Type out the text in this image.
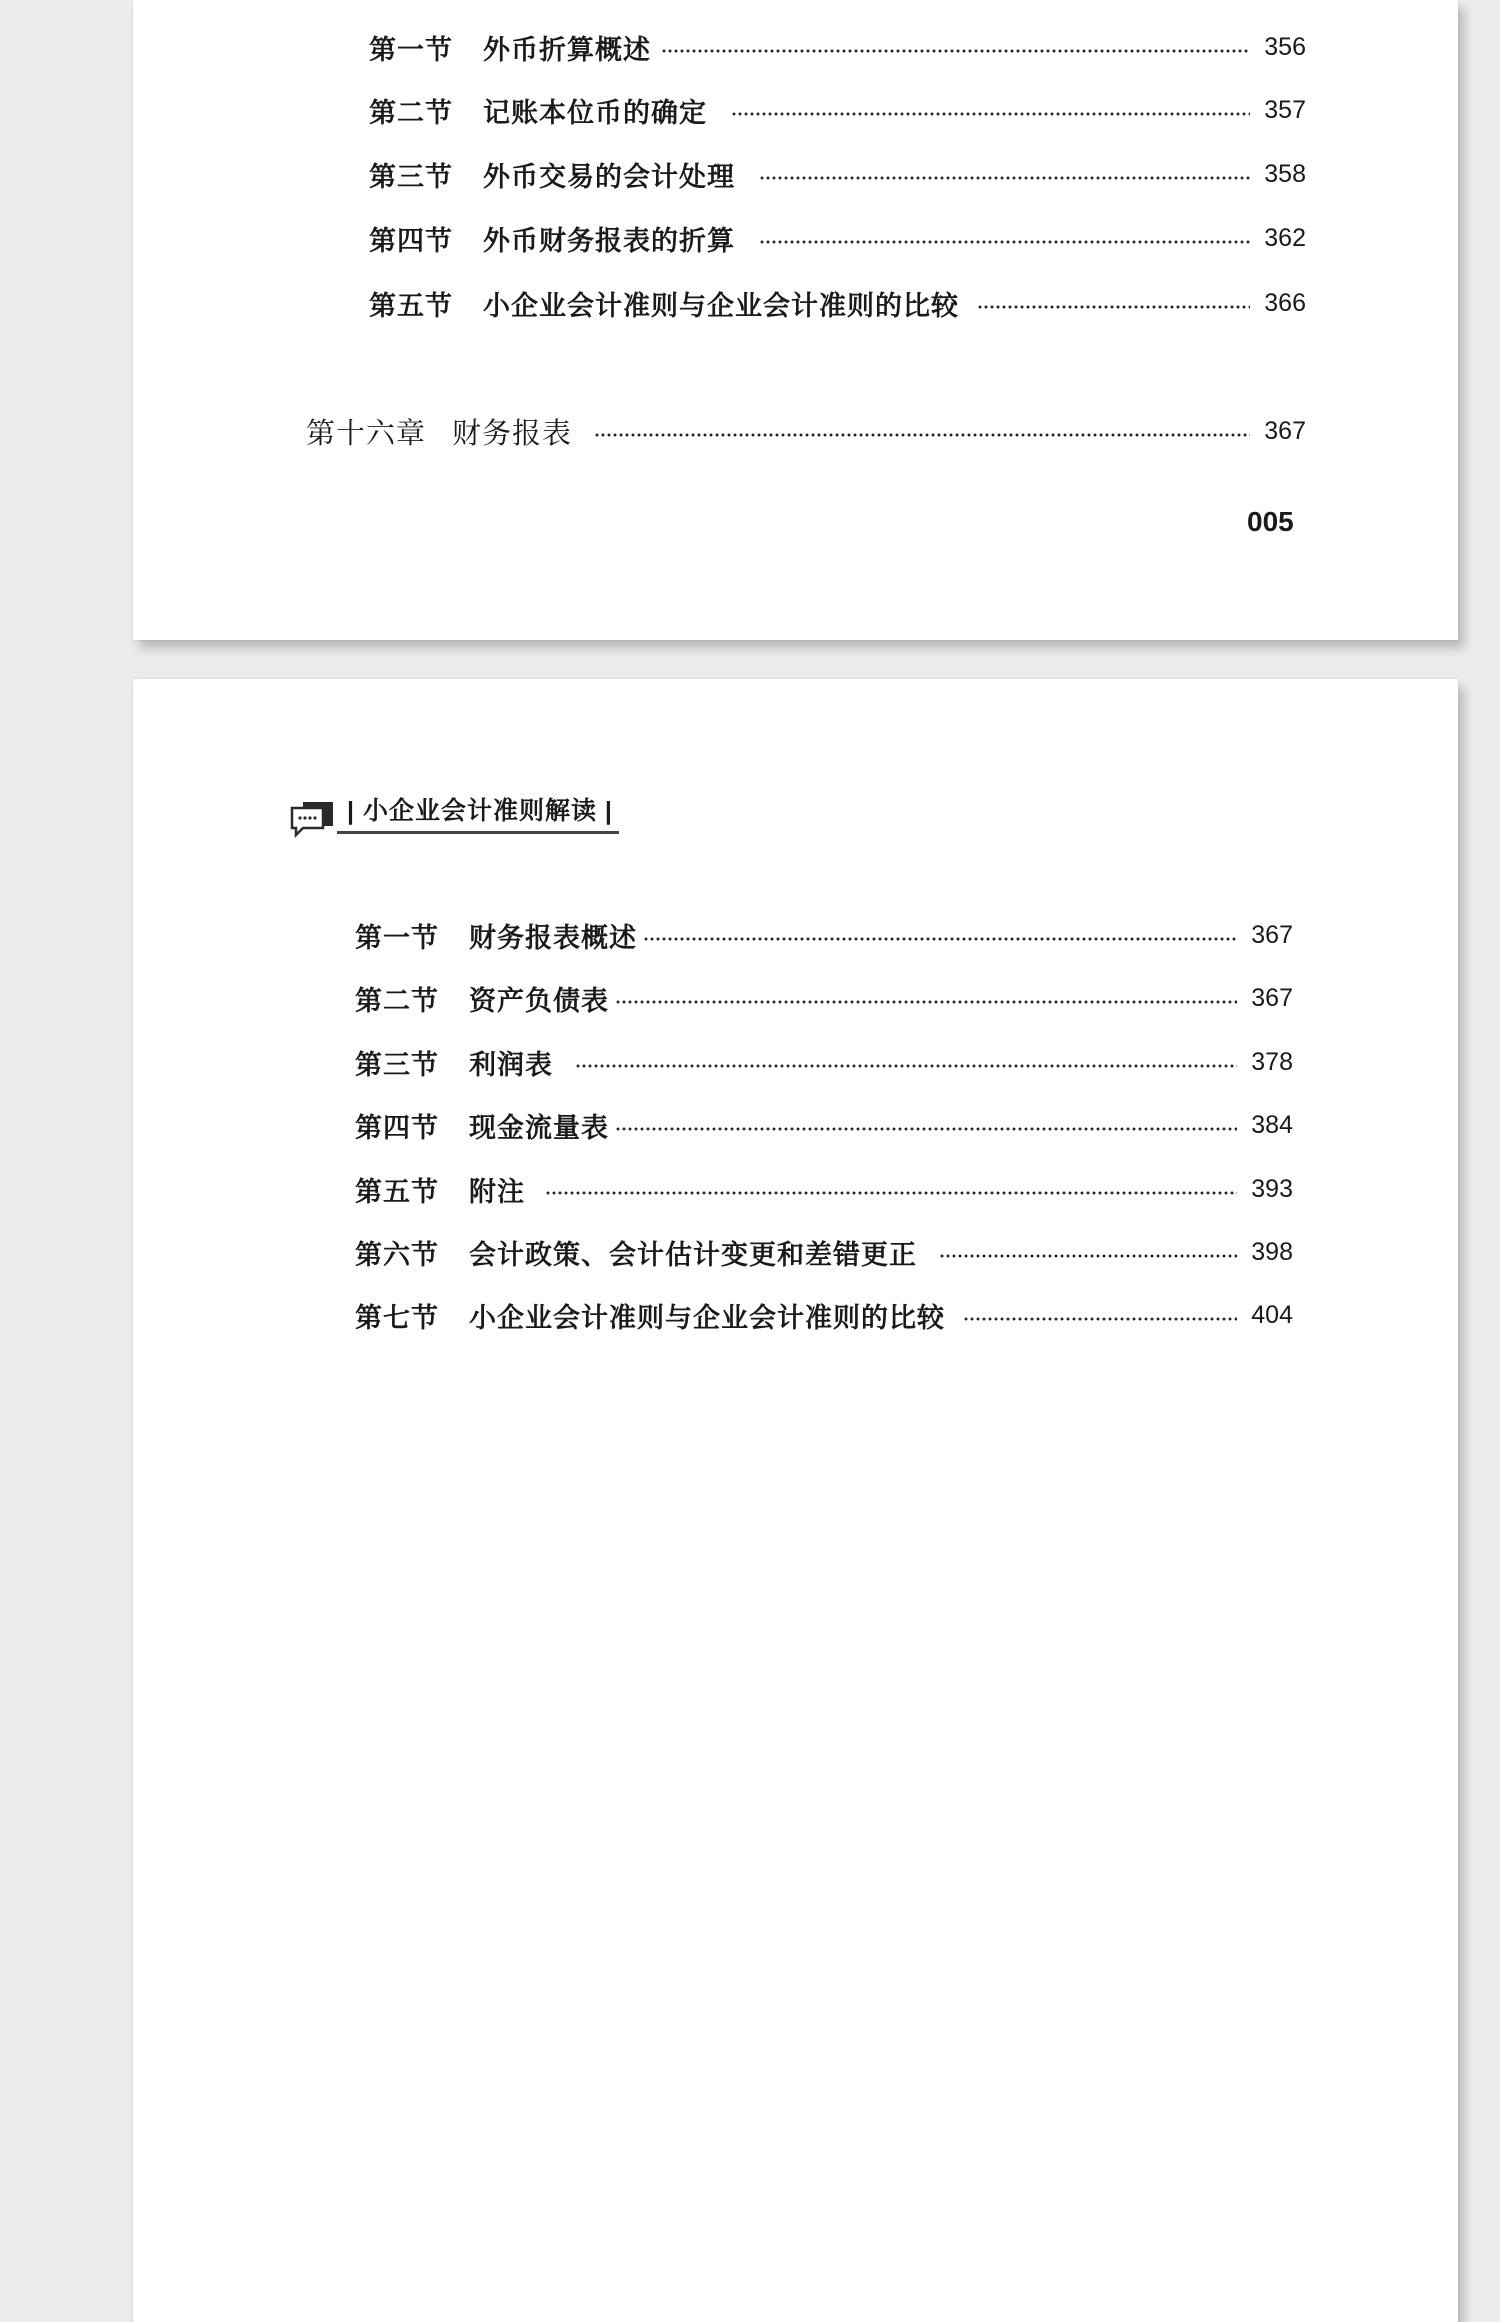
第一节 外币折算概述	356
第二节 记账本位币的确定	357
第三节 外币交易的会计处理	358
第四节 外币财务报表的折算	362
第五节 小企业会计准则与企业会计准则的比较	366
第十六章 财务报表	367
005
| 小企业会计准则解读 |
第一节 财务报表概述	367
第二节 资产负债表	367
第三节 利润表	378
第四节 现金流量表	384
第五节 附注	393
第六节 会计政策、会计估计变更和差错更正	398
第七节 小企业会计准则与企业会计准则的比较	404
